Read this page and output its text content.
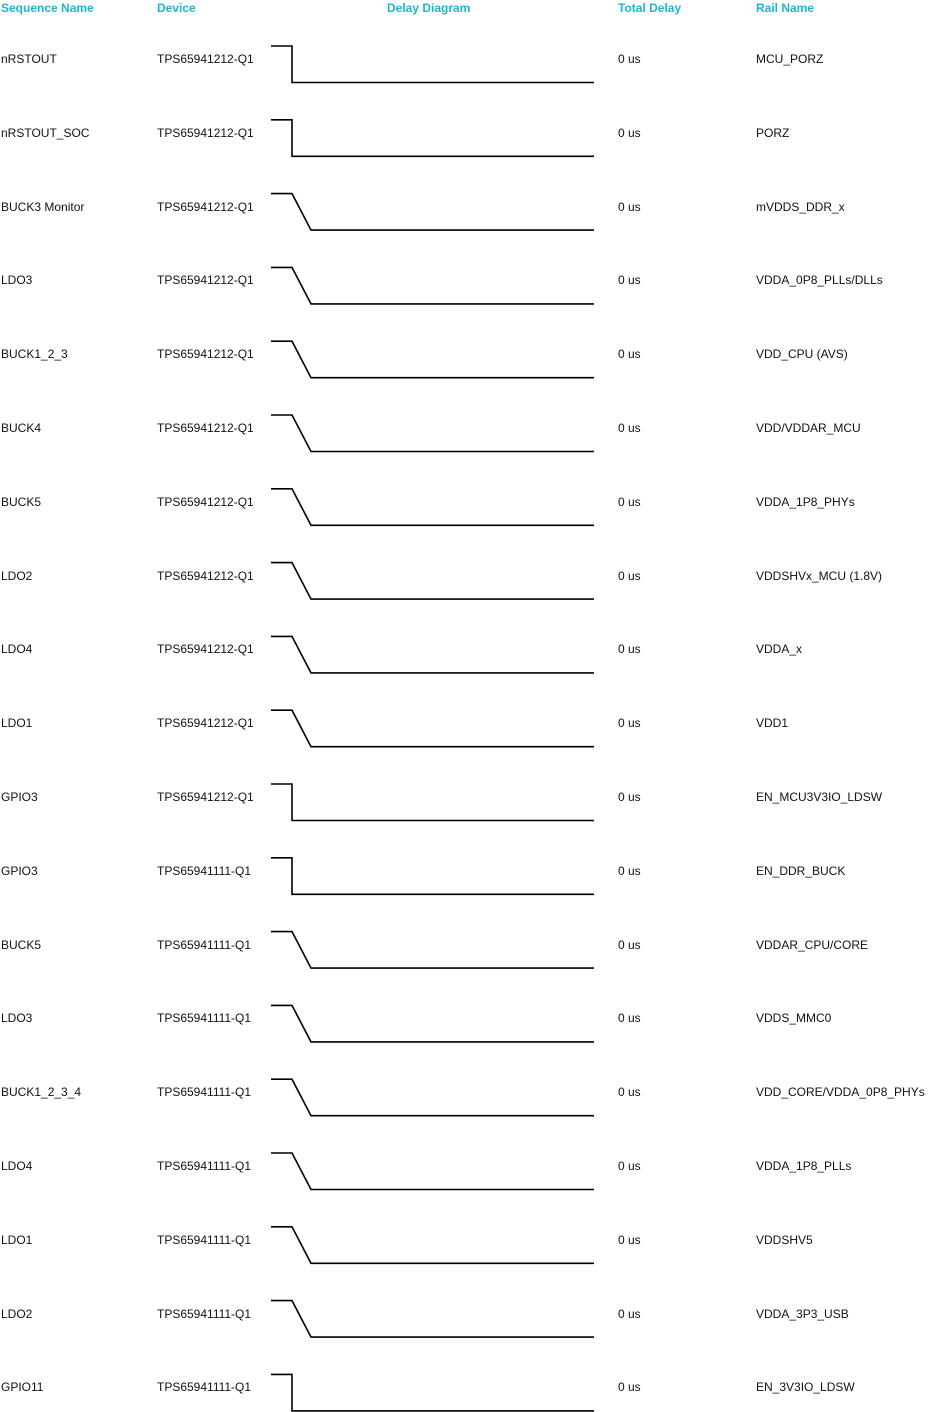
Sequence Name	Device	Delay Diagram	Total Delay	Rail Name
nRSTOUT	TPS65941212-Q1	0 us	MCU_PORZ
nRSTOUT_SOC	TPS65941212-Q1	0 us	PORZ
BUCK3 Monitor	TPS65941212-Q1	0 us	mVDDS_DDR_x
LDO3	TPS65941212-Q1	0 us	VDDA_0P8_PLLs/DLLs
BUCK1_2_3	TPS65941212-Q1	0 us	VDD_CPU (AVS)
BUCK4	TPS65941212-Q1	0 us	VDD/VDDAR_MCU
BUCK5	TPS65941212-Q1	0 us	VDDA_1P8_PHYs
LDO2	TPS65941212-Q1	0 us	VDDSHVx_MCU (1.8V)
LDO4	TPS65941212-Q1	0 us	VDDA_x
LDO1	TPS65941212-Q1	0 us	VDD1
GPIO3	TPS65941212-Q1	0 us	EN_MCU3V3IO_LDSW
GPIO3	TPS65941111-Q1	0 us	EN_DDR_BUCK
BUCK5	TPS65941111-Q1	0 us	VDDAR_CPU/CORE
LDO3	TPS65941111-Q1	0 us	VDDS_MMC0
BUCK1_2_3_4	TPS65941111-Q1	0 us	VDD_CORE/VDDA_0P8_PHYs
LDO4	TPS65941111-Q1	0 us	VDDA_1P8_PLLs
LDO1	TPS65941111-Q1	0 us	VDDSHV5
LDO2	TPS65941111-Q1	0 us	VDDA_3P3_USB
GPIO11	TPS65941111-Q1	0 us	EN_3V3IO_LDSW
